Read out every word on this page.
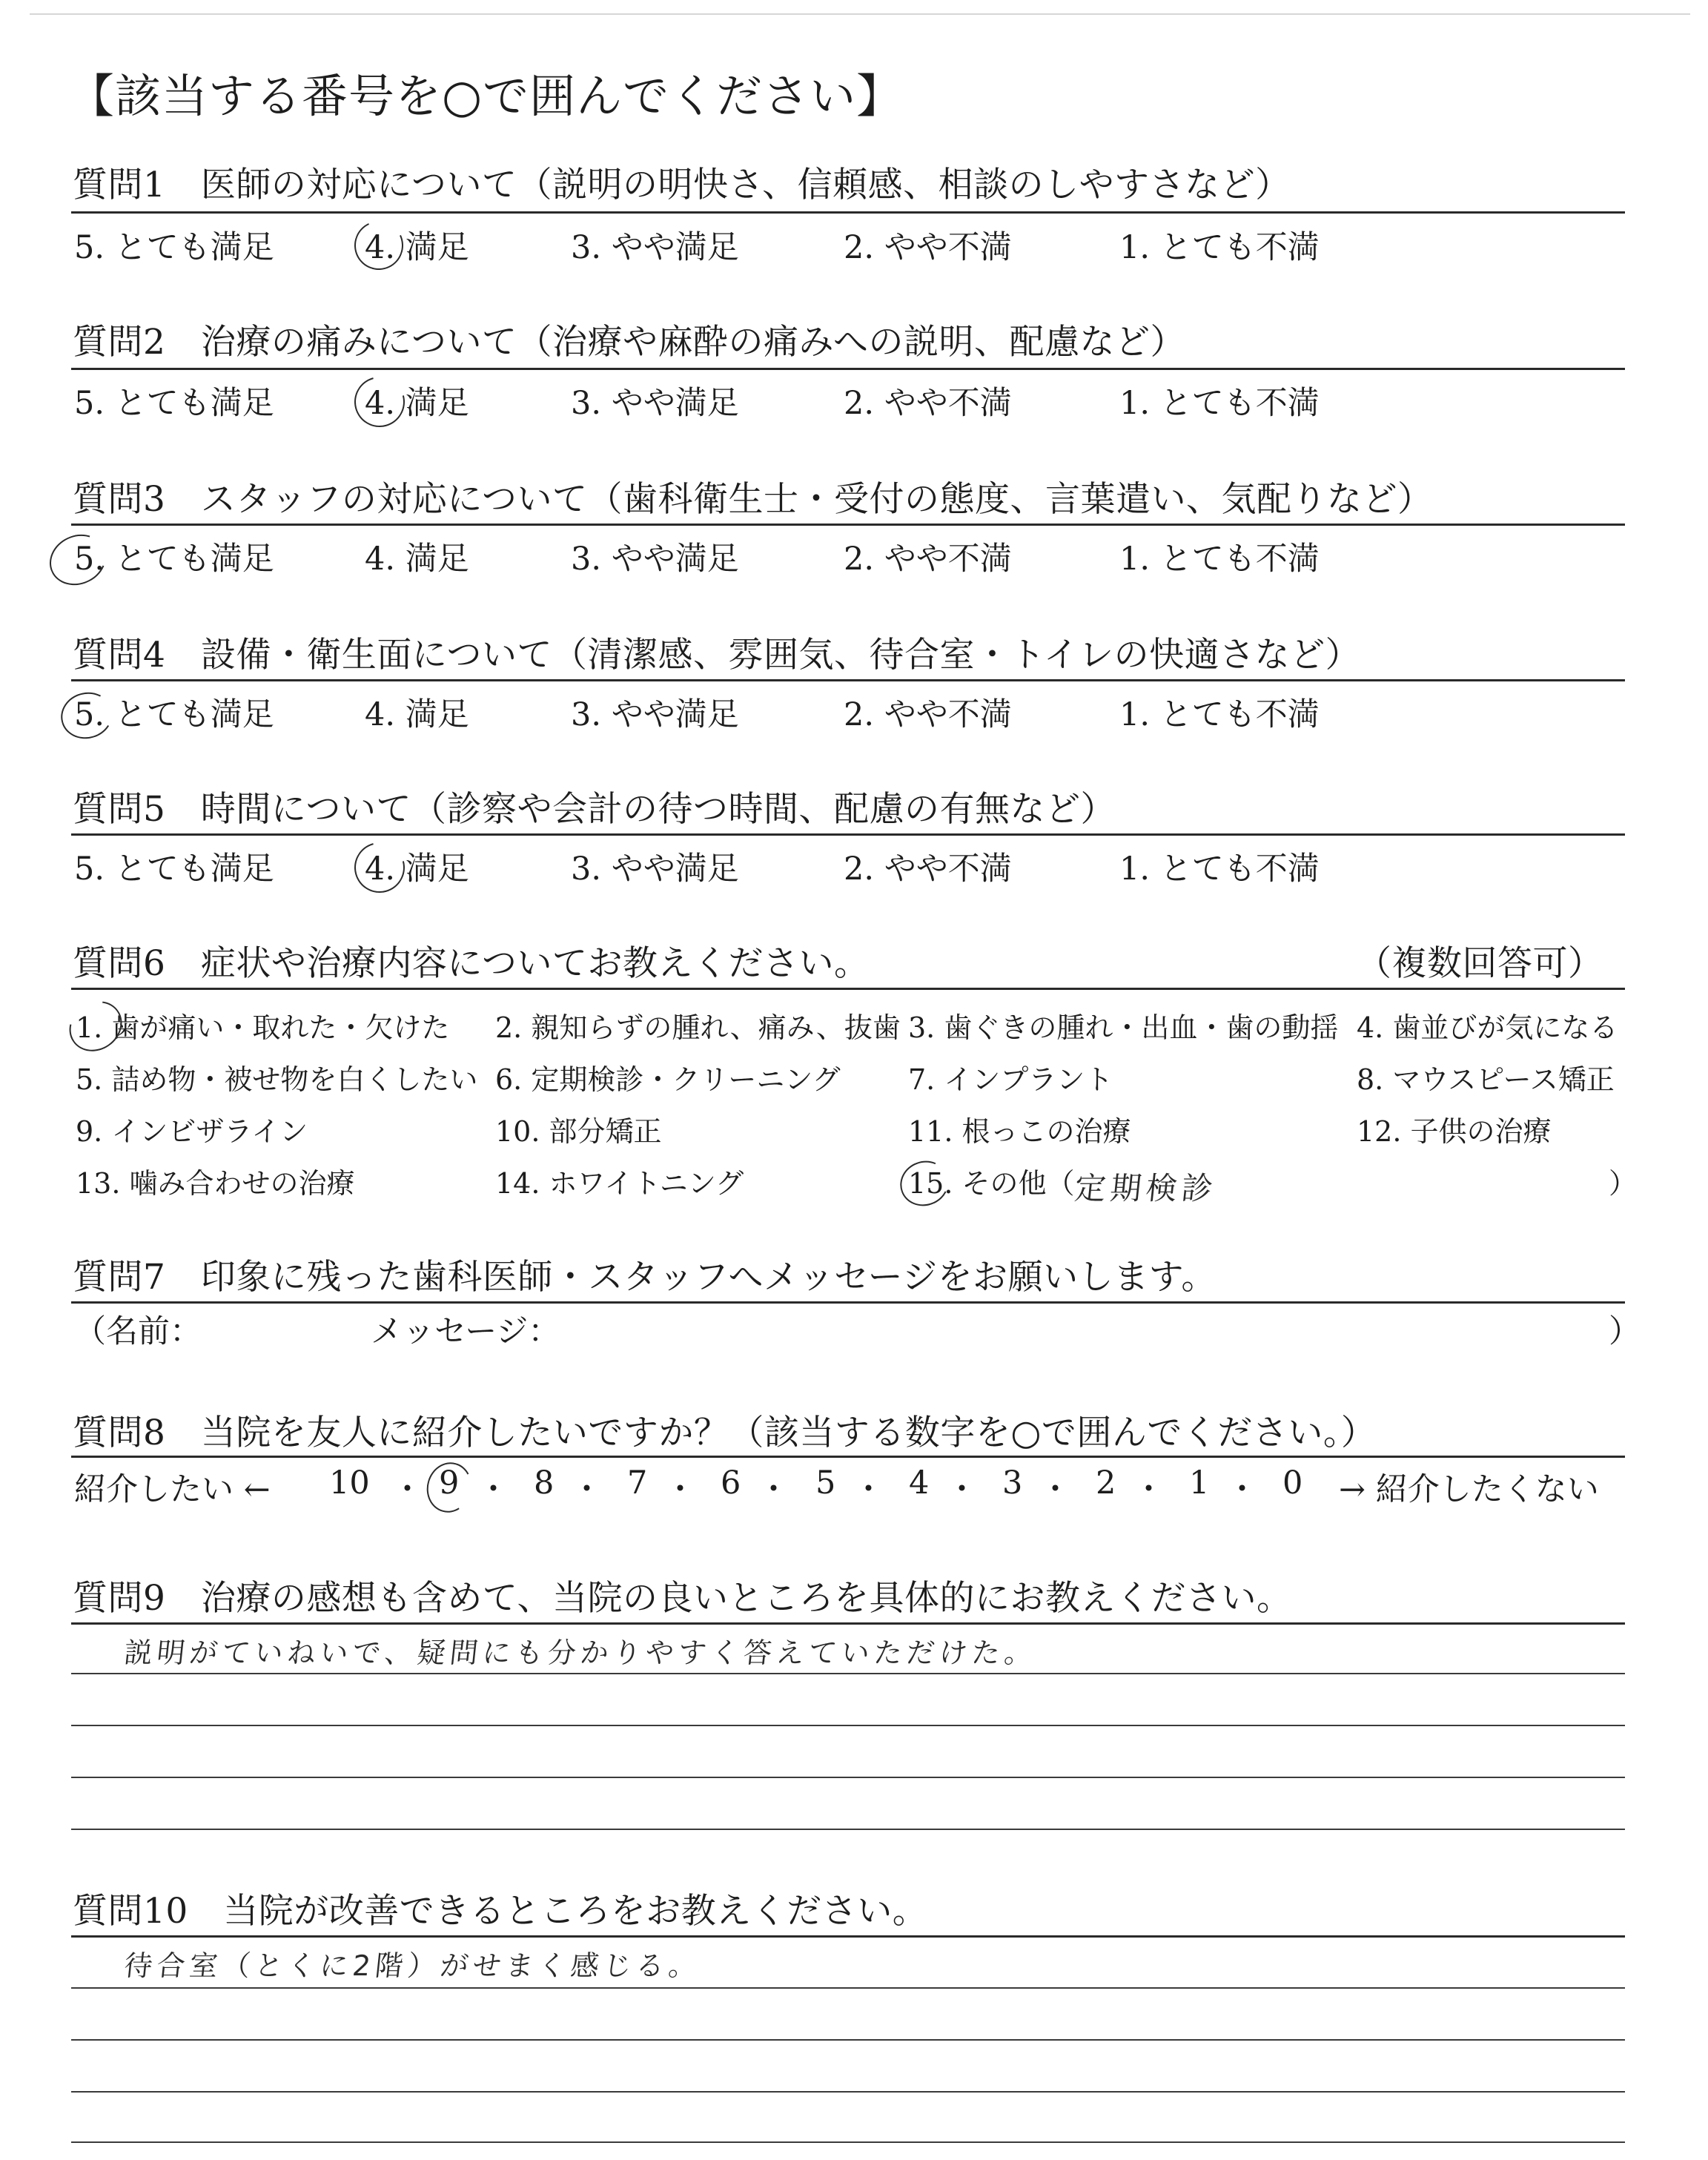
【該当する番号を○で囲んでください】
質問1　医師の対応について（説明の明快さ、信頼感、相談のしやすさなど）
5. とても満足	4. 満足	3. やや満足	2. やや不満	1. とても不満
質問2　治療の痛みについて（治療や麻酔の痛みへの説明、配慮など）
5. とても満足	4. 満足	3. やや満足	2. やや不満	1. とても不満
質問3　スタッフの対応について（歯科衛生士・受付の態度、言葉遣い、気配りなど）
5. とても満足	4. 満足	3. やや満足	2. やや不満	1. とても不満
質問4　設備・衛生面について（清潔感、雰囲気、待合室・トイレの快適さなど）
5. とても満足	4. 満足	3. やや満足	2. やや不満	1. とても不満
質問5　時間について（診察や会計の待つ時間、配慮の有無など）
5. とても満足	4. 満足	3. やや満足	2. やや不満	1. とても不満
質問6　症状や治療内容についてお教えください。	（複数回答可）
1. 歯が痛い・取れた・欠けた 2. 親知らずの腫れ、痛み、抜歯 3. 歯ぐきの腫れ・出血・歯の動揺 4. 歯並びが気になる
5. 詰め物・被せ物を白くしたい 6. 定期検診・クリーニング 7. インプラント	8. マウスピース矯正
9. インビザライン	10. 部分矯正	11. 根っこの治療	12. 子供の治療
13. 噛み合わせの治療	14. ホワイトニング	15. その他（
定期検診	）
質問7　印象に残った歯科医師・スタッフへメッセージをお願いします。
（名前：	メッセージ：	）
質問8　当院を友人に紹介したいですか？（該当する数字を○で囲んでください。）
紹介したい ← 10 ・ 9 ・ 8 ・ 7 ・ 6 ・ 5 ・ 4 ・ 3 ・ 2 ・ 1 ・ 0 → 紹介したくない
質問9　治療の感想も含めて、当院の良いところを具体的にお教えください。
説明がていねいで、疑問にも分かりやすく答えていただけた。
質問10　当院が改善できるところをお教えください。
待合室（とくに2階）がせまく感じる。
